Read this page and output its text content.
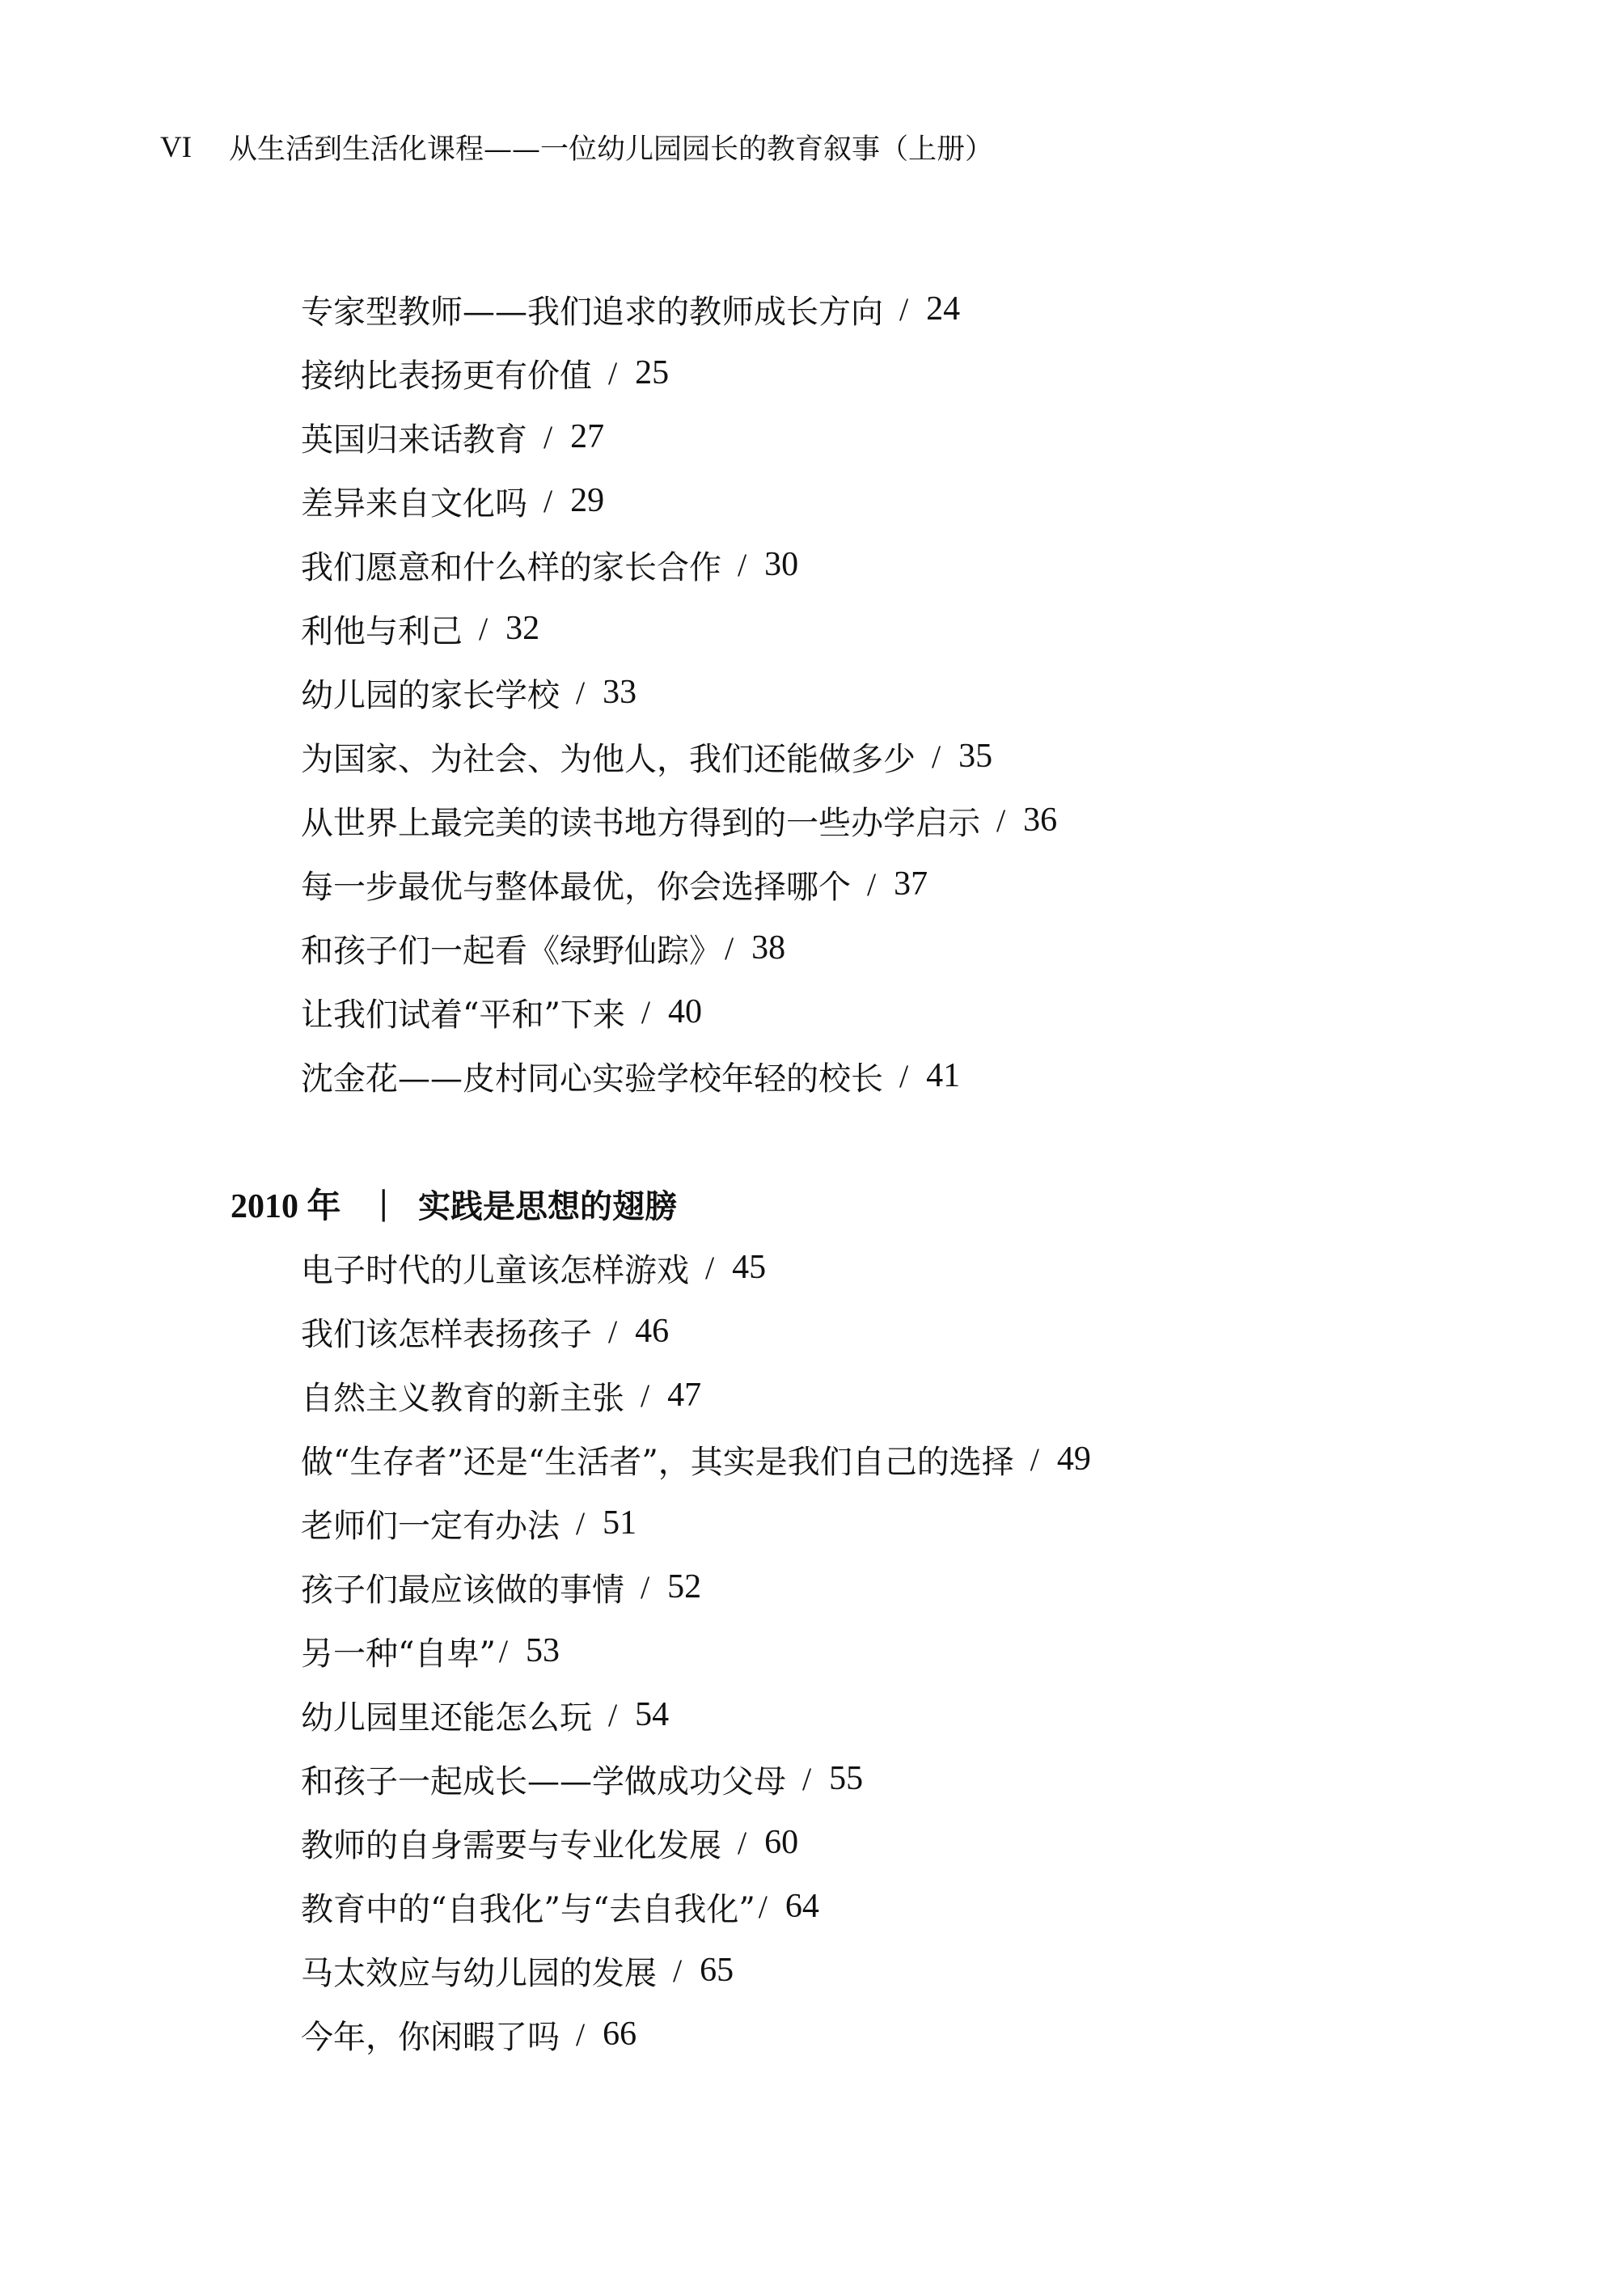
VI 从生活到生活化课程——一位幼儿园园长的教育叙事（上册）
专家型教师——我们追求的教师成长方向 / 24
接纳比表扬更有价值 / 25
英国归来话教育 / 27
差异来自文化吗 / 29
我们愿意和什么样的家长合作 / 30
利他与利己 / 32
幼儿园的家长学校 / 33
为国家、为社会、为他人，我们还能做多少 / 35
从世界上最完美的读书地方得到的一些办学启示 / 36
每一步最优与整体最优，你会选择哪个 / 37
和孩子们一起看《绿野仙踪》 / 38
让我们试着“平和”下来 / 40
沈金花——皮村同心实验学校年轻的校长 / 41
2010 年 | 实践是思想的翅膀
电子时代的儿童该怎样游戏 / 45
我们该怎样表扬孩子 / 46
自然主义教育的新主张 / 47
做“生存者”还是“生活者”，其实是我们自己的选择 / 49
老师们一定有办法 / 51
孩子们最应该做的事情 / 52
另一种“自卑” / 53
幼儿园里还能怎么玩 / 54
和孩子一起成长——学做成功父母 / 55
教师的自身需要与专业化发展 / 60
教育中的“自我化”与“去自我化” / 64
马太效应与幼儿园的发展 / 65
今年，你闲暇了吗 / 66
